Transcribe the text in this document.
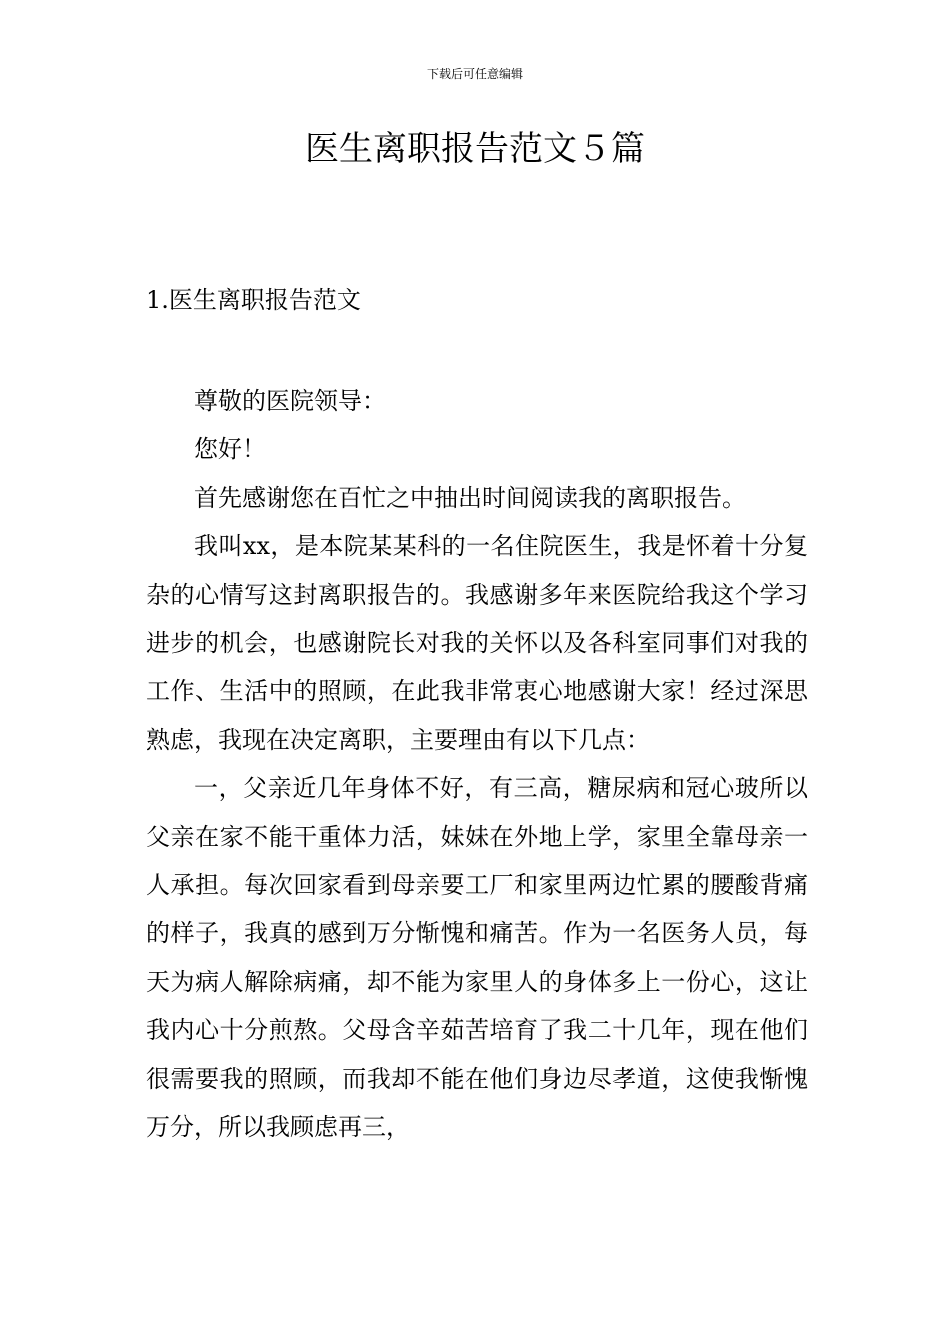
下载后可任意编辑
医生离职报告范文５篇
1.医生离职报告范文

尊敬的医院领导：

您好！

首先感谢您在百忙之中抽出时间阅读我的离职报告。

我叫xx，是本院某某科的一名住院医生，我是怀着十分复杂的心情写这封离职报告的。我感谢多年来医院给我这个学习进步的机会，也感谢院长对我的关怀以及各科室同事们对我的工作、生活中的照顾，在此我非常衷心地感谢大家！经过深思熟虑，我现在决定离职，主要理由有以下几点：

一，父亲近几年身体不好，有三高，糖尿病和冠心玻所以父亲在家不能干重体力活，妹妹在外地上学，家里全靠母亲一人承担。每次回家看到母亲要工厂和家里两边忙累的腰酸背痛的样子，我真的感到万分惭愧和痛苦。作为一名医务人员，每天为病人解除病痛，却不能为家里人的身体多上一份心，这让我内心十分煎熬。父母含辛茹苦培育了我二十几年，现在他们很需要我的照顾，而我却不能在他们身边尽孝道，这使我惭愧万分，所以我顾虑再三，
